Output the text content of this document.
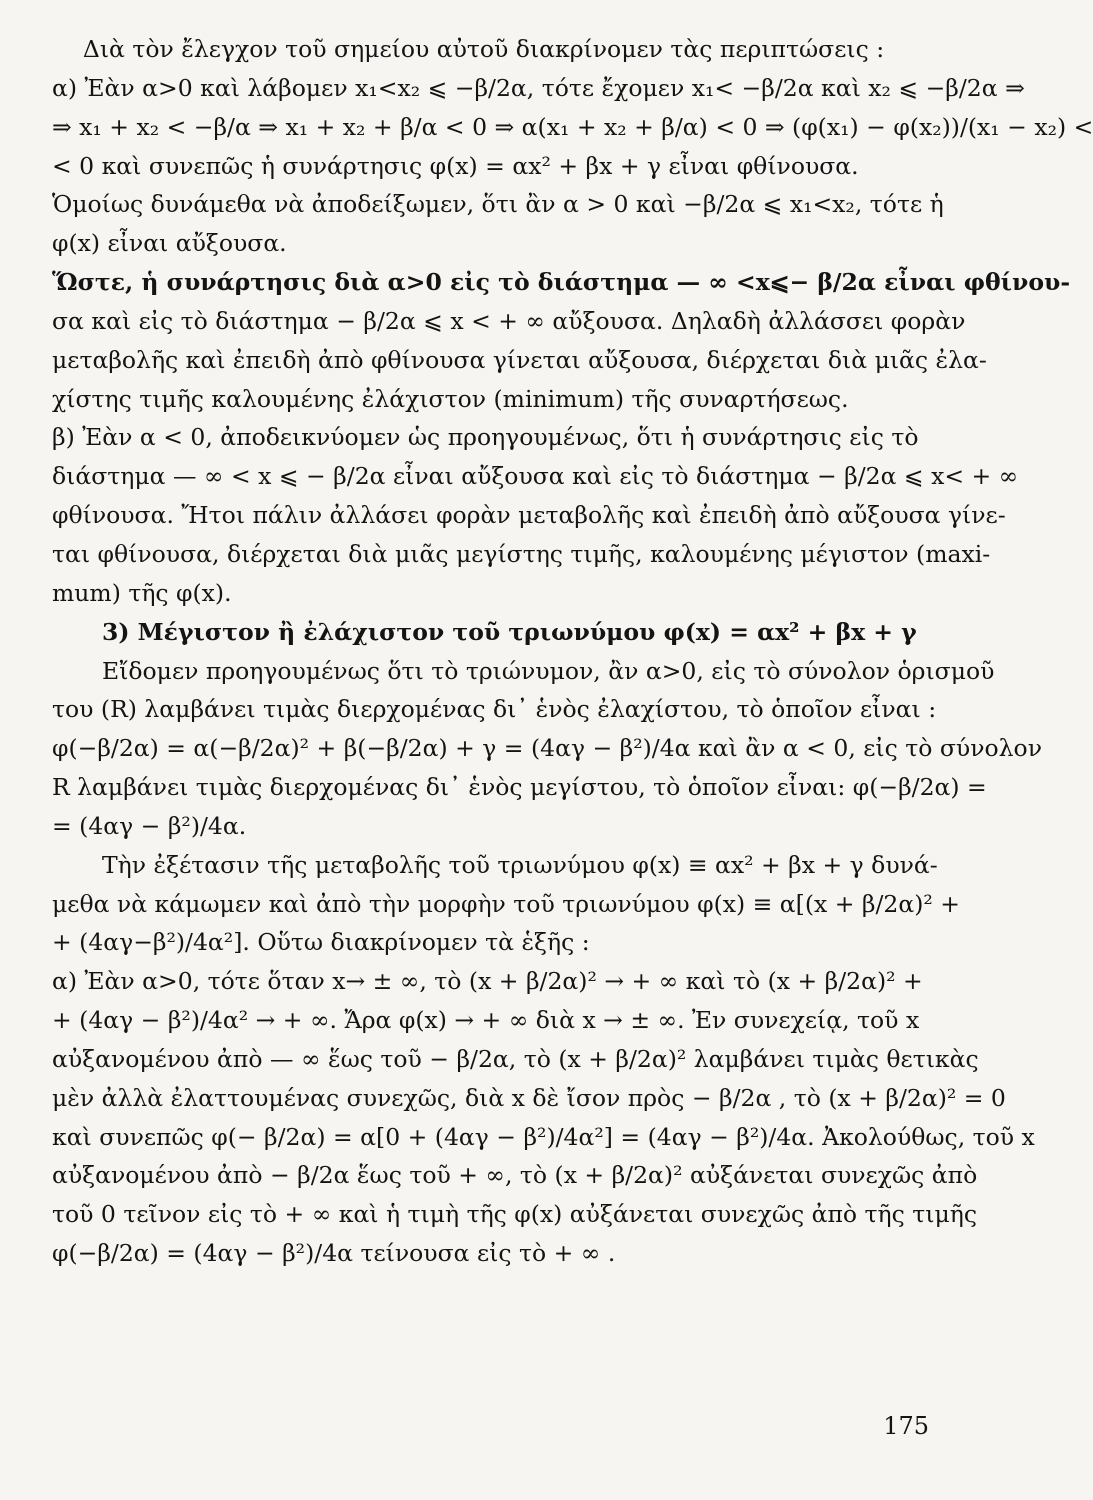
Διὰ τὸν ἔλεγχον τοῦ σημείου αὐτοῦ διακρίνομεν τὰς περιπτώσεις :
α) Ἐὰν α>0 καὶ λάβομεν x₁<x₂ ⩽ −β/2α, τότε ἔχομεν x₁< −β/2α καὶ x₂ ⩽ −β/2α ⇒
⇒ x₁ + x₂ < −β/α ⇒ x₁ + x₂ + β/α < 0 ⇒ α(x₁ + x₂ + β/α) < 0 ⇒ (φ(x₁) − φ(x₂))/(x₁ − x₂) <
< 0 καὶ συνεπῶς ἡ συνάρτησις φ(x) = αx² + βx + γ εἶναι φθίνουσα.
Ὁμοίως δυνάμεθα νὰ ἀποδείξωμεν, ὅτι ἂν α > 0 καὶ −β/2α ⩽ x₁<x₂, τότε ἡ
φ(x) εἶναι αὔξουσα.
Ὥστε, ἡ συνάρτησις διὰ α>0 εἰς τὸ διάστημα — ∞ <x⩽− β/2α εἶναι φθίνου-
σα καὶ εἰς τὸ διάστημα − β/2α ⩽ x < + ∞ αὔξουσα. Δηλαδὴ ἀλλάσσει φορὰν
μεταβολῆς καὶ ἐπειδὴ ἀπὸ φθίνουσα γίνεται αὔξουσα, διέρχεται διὰ μιᾶς ἐλα-
χίστης τιμῆς καλουμένης ἐλάχιστον (minimum) τῆς συναρτήσεως.
β) Ἐὰν α < 0, ἀποδεικνύομεν ὡς προηγουμένως, ὅτι ἡ συνάρτησις εἰς τὸ
διάστημα — ∞ < x ⩽ − β/2α εἶναι αὔξουσα καὶ εἰς τὸ διάστημα − β/2α ⩽ x< + ∞
φθίνουσα. Ἤτοι πάλιν ἀλλάσει φορὰν μεταβολῆς καὶ ἐπειδὴ ἀπὸ αὔξουσα γίνε-
ται φθίνουσα, διέρχεται διὰ μιᾶς μεγίστης τιμῆς, καλουμένης μέγιστον (maxi-
mum) τῆς φ(x).
3) Μέγιστον ἢ ἐλάχιστον τοῦ τριωνύμου φ(x) = αx² + βx + γ
Εἴδομεν προηγουμένως ὅτι τὸ τριώνυμον, ἂν α>0, εἰς τὸ σύνολον ὁρισμοῦ
του (R) λαμβάνει τιμὰς διερχομένας δι᾿ ἑνὸς ἐλαχίστου, τὸ ὁποῖον εἶναι :
φ(−β/2α) = α(−β/2α)² + β(−β/2α) + γ = (4αγ − β²)/4α καὶ ἂν α < 0, εἰς τὸ σύνολον
R λαμβάνει τιμὰς διερχομένας δι᾿ ἑνὸς μεγίστου, τὸ ὁποῖον εἶναι: φ(−β/2α) =
= (4αγ − β²)/4α.
Τὴν ἐξέτασιν τῆς μεταβολῆς τοῦ τριωνύμου φ(x) ≡ αx² + βx + γ δυνά-
μεθα νὰ κάμωμεν καὶ ἀπὸ τὴν μορφὴν τοῦ τριωνύμου φ(x) ≡ α[(x + β/2α)² +
+ (4αγ−β²)/4α²]. Οὕτω διακρίνομεν τὰ ἑξῆς :
α) Ἐὰν α>0, τότε ὅταν x→ ± ∞, τὸ (x + β/2α)² → + ∞ καὶ τὸ (x + β/2α)² +
+ (4αγ − β²)/4α² → + ∞. Ἄρα φ(x) → + ∞ διὰ x → ± ∞. Ἐν συνεχείᾳ, τοῦ x
αὐξανομένου ἀπὸ — ∞ ἕως τοῦ − β/2α, τὸ (x + β/2α)² λαμβάνει τιμὰς θετικὰς
μὲν ἀλλὰ ἐλαττουμένας συνεχῶς, διὰ x δὲ ἴσον πρὸς − β/2α , τὸ (x + β/2α)² = 0
καὶ συνεπῶς φ(− β/2α) = α[0 + (4αγ − β²)/4α²] = (4αγ − β²)/4α. Ἀκολούθως, τοῦ x
αὐξανομένου ἀπὸ − β/2α ἕως τοῦ + ∞, τὸ (x + β/2α)² αὐξάνεται συνεχῶς ἀπὸ
τοῦ 0 τεῖνον εἰς τὸ + ∞ καὶ ἡ τιμὴ τῆς φ(x) αὐξάνεται συνεχῶς ἀπὸ τῆς τιμῆς
φ(−β/2α) = (4αγ − β²)/4α τείνουσα εἰς τὸ + ∞ .
175
